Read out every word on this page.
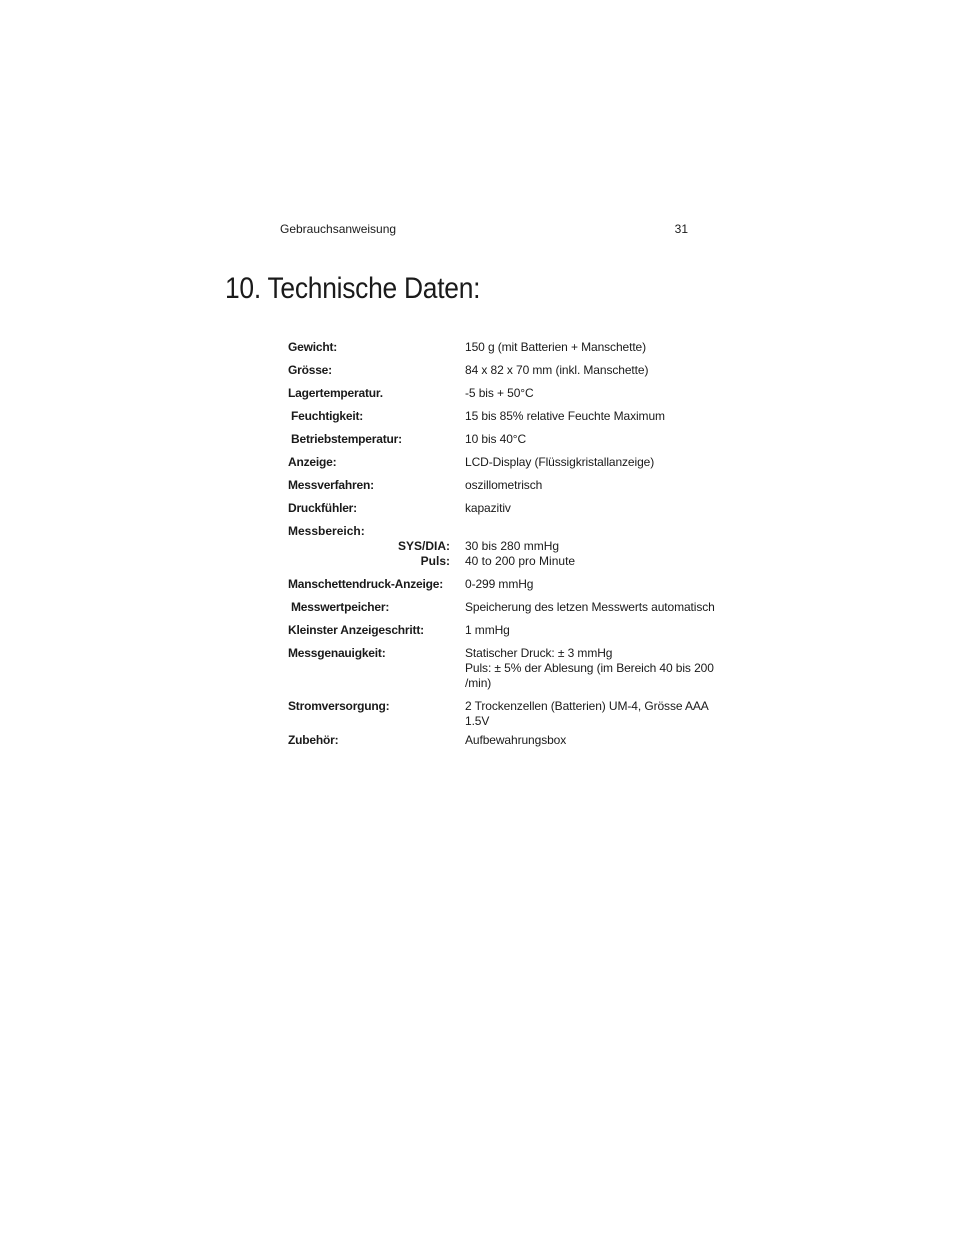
Gebrauchsanweisung	31
10. Technische Daten:
Gewicht:	150 g (mit Batterien + Manschette)
Grösse:	84 x 82 x 70 mm (inkl. Manschette)
Lagertemperatur.	-5 bis + 50°C
Feuchtigkeit:	15 bis 85% relative Feuchte Maximum
Betriebstemperatur:	10 bis 40°C
Anzeige:	LCD-Display (Flüssigkristallanzeige)
Messverfahren:	oszillometrisch
Druckfühler:	kapazitiv
Messbereich:
SYS/DIA:	30 bis 280 mmHg
Puls:	40 to 200 pro Minute
Manschettendruck-Anzeige:	0-299 mmHg
Messwertpeicher:	Speicherung des letzen Messwerts automatisch
Kleinster Anzeigeschritt:	1 mmHg
Messgenauigkeit:	Statischer Druck: ± 3 mmHg
Puls: ± 5% der Ablesung (im Bereich 40 bis 200
/min)
Stromversorgung:	2 Trockenzellen (Batterien) UM-4, Grösse AAA
1.5V
Zubehör:	Aufbewahrungsbox
